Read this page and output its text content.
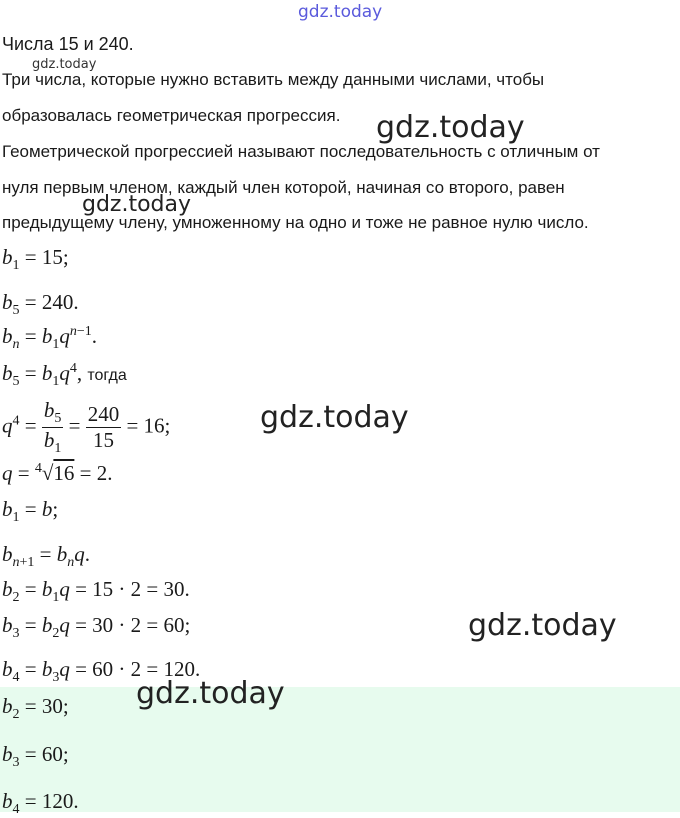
gdz.today
gdz.today
gdz.today
gdz.today
gdz.today
gdz.today
gdz.today
Числа 15 и 240.
Три числа, которые нужно вставить между данными числами, чтобы
образовалась геометрическая прогрессия.
Геометрической прогрессией называют последовательность с отличным от
нуля первым членом, каждый член которой, начиная со второго, равен
предыдущему члену, умноженному на одно и тоже не равное нулю число.
$b_1 = 15$;
$b_5 = 240$.
$b_n = b_1q^{n-1}$.
$b_5 = b_1q^4$, тогда
$q^4 = \frac{b_5}{b_1} = \frac{240}{15} = 16$;
q = $^4$√16 = 2.
$b_1 = b$;
$b_{n+1} = b_nq$.
$b_2 = b_1q = 15 \cdot 2 = 30$.
$b_3 = b_2q = 30 \cdot 2 = 60$;
$b_4 = b_3q = 60 \cdot 2 = 120$.
$b_2 = 30$;
$b_3 = 60$;
$b_4 = 120$.
